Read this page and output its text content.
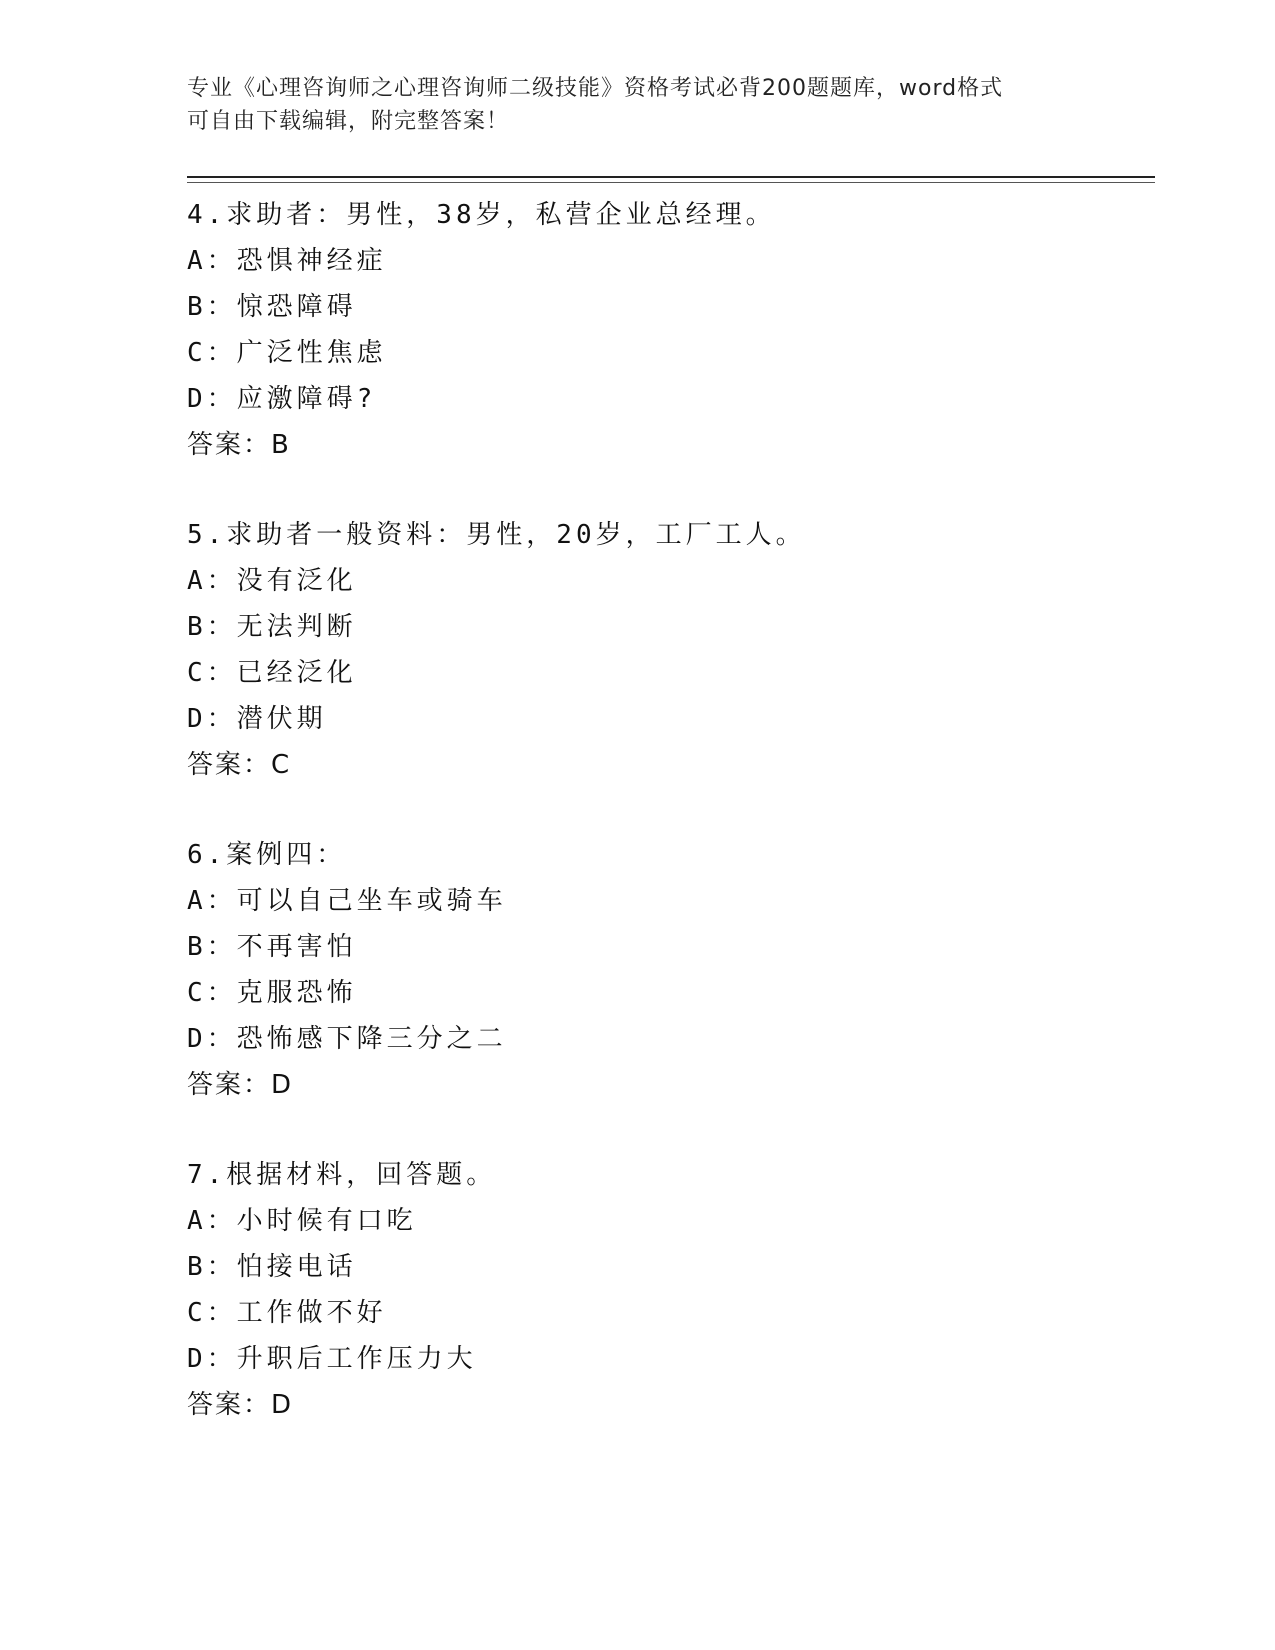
专业《心理咨询师之心理咨询师二级技能》资格考试必背200题题库，word格式
可自由下载编辑，附完整答案！
4.求助者：男性，38岁，私营企业总经理。
A：恐惧神经症
B：惊恐障碍
C：广泛性焦虑
D：应激障碍?
答案：B
5.求助者一般资料：男性，20岁，工厂工人。
A：没有泛化
B：无法判断
C：已经泛化
D：潜伏期
答案：C
6.案例四：
A：可以自己坐车或骑车
B：不再害怕
C：克服恐怖
D：恐怖感下降三分之二
答案：D
7.根据材料，回答题。
A：小时候有口吃
B：怕接电话
C：工作做不好
D：升职后工作压力大
答案：D
